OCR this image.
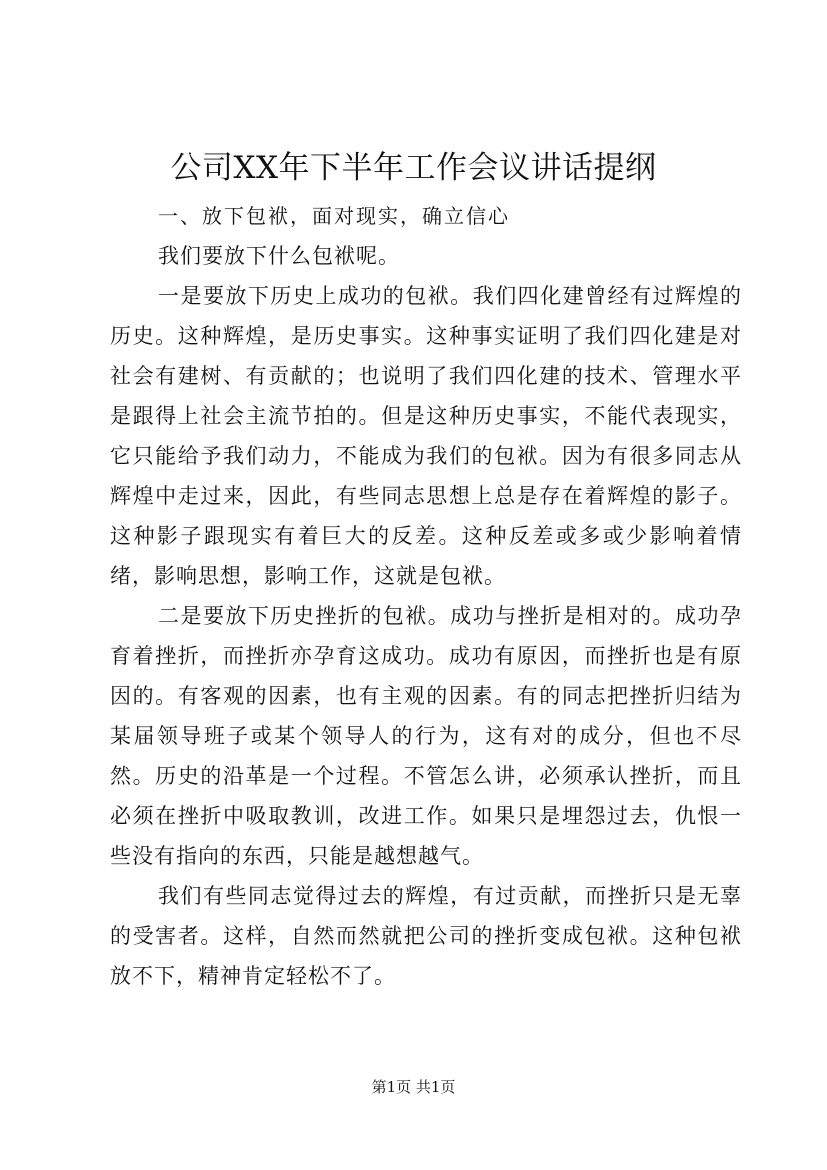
公司XX年下半年工作会议讲话提纲

一、放下包袱，面对现实，确立信心

我们要放下什么包袱呢。

一是要放下历史上成功的包袱。我们四化建曾经有过辉煌的历史。这种辉煌，是历史事实。这种事实证明了我们四化建是对社会有建树、有贡献的；也说明了我们四化建的技术、管理水平是跟得上社会主流节拍的。但是这种历史事实，不能代表现实，它只能给予我们动力，不能成为我们的包袱。因为有很多同志从辉煌中走过来，因此，有些同志思想上总是存在着辉煌的影子。这种影子跟现实有着巨大的反差。这种反差或多或少影响着情绪，影响思想，影响工作，这就是包袱。

二是要放下历史挫折的包袱。成功与挫折是相对的。成功孕育着挫折，而挫折亦孕育这成功。成功有原因，而挫折也是有原因的。有客观的因素，也有主观的因素。有的同志把挫折归结为某届领导班子或某个领导人的行为，这有对的成分，但也不尽然。历史的沿革是一个过程。不管怎么讲，必须承认挫折，而且必须在挫折中吸取教训，改进工作。如果只是埋怨过去，仇恨一些没有指向的东西，只能是越想越气。

我们有些同志觉得过去的辉煌，有过贡献，而挫折只是无辜的受害者。这样，自然而然就把公司的挫折变成包袱。这种包袱放不下，精神肯定轻松不了。

第1页 共1页
